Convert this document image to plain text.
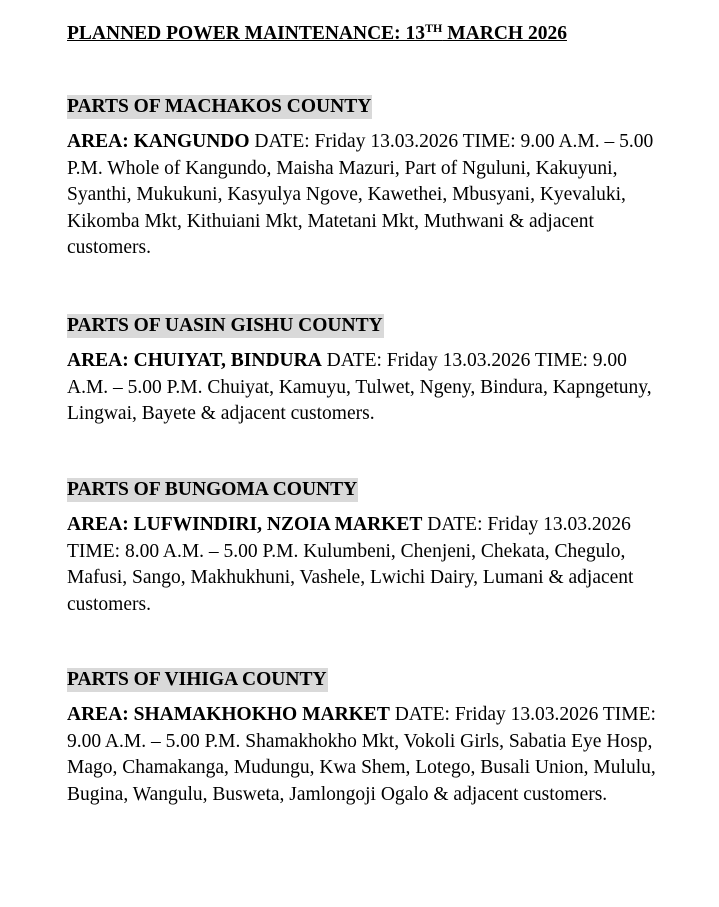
PLANNED POWER MAINTENANCE: 13TH MARCH 2026
PARTS OF MACHAKOS COUNTY

AREA: KANGUNDO DATE: Friday 13.03.2026 TIME: 9.00 A.M. – 5.00 P.M. Whole of Kangundo, Maisha Mazuri, Part of Nguluni, Kakuyuni, Syanthi, Mukukuni, Kasyulya Ngove, Kawethei, Mbusyani, Kyevaluki, Kikomba Mkt, Kithuiani Mkt, Matetani Mkt, Muthwani & adjacent customers.

PARTS OF UASIN GISHU COUNTY

AREA: CHUIYAT, BINDURA DATE: Friday 13.03.2026 TIME: 9.00 A.M. – 5.00 P.M. Chuiyat, Kamuyu, Tulwet, Ngeny, Bindura, Kapngetuny, Lingwai, Bayete & adjacent customers.

PARTS OF BUNGOMA COUNTY

AREA: LUFWINDIRI, NZOIA MARKET DATE: Friday 13.03.2026 TIME: 8.00 A.M. – 5.00 P.M. Kulumbeni, Chenjeni, Chekata, Chegulo, Mafusi, Sango, Makhukhuni, Vashele, Lwichi Dairy, Lumani & adjacent customers.

PARTS OF VIHIGA COUNTY

AREA: SHAMAKHOKHO MARKET DATE: Friday 13.03.2026 TIME: 9.00 A.M. – 5.00 P.M. Shamakhokho Mkt, Vokoli Girls, Sabatia Eye Hosp, Mago, Chamakanga, Mudungu, Kwa Shem, Lotego, Busali Union, Mululu, Bugina, Wangulu, Busweta, Jamlongoji Ogalo & adjacent customers.
